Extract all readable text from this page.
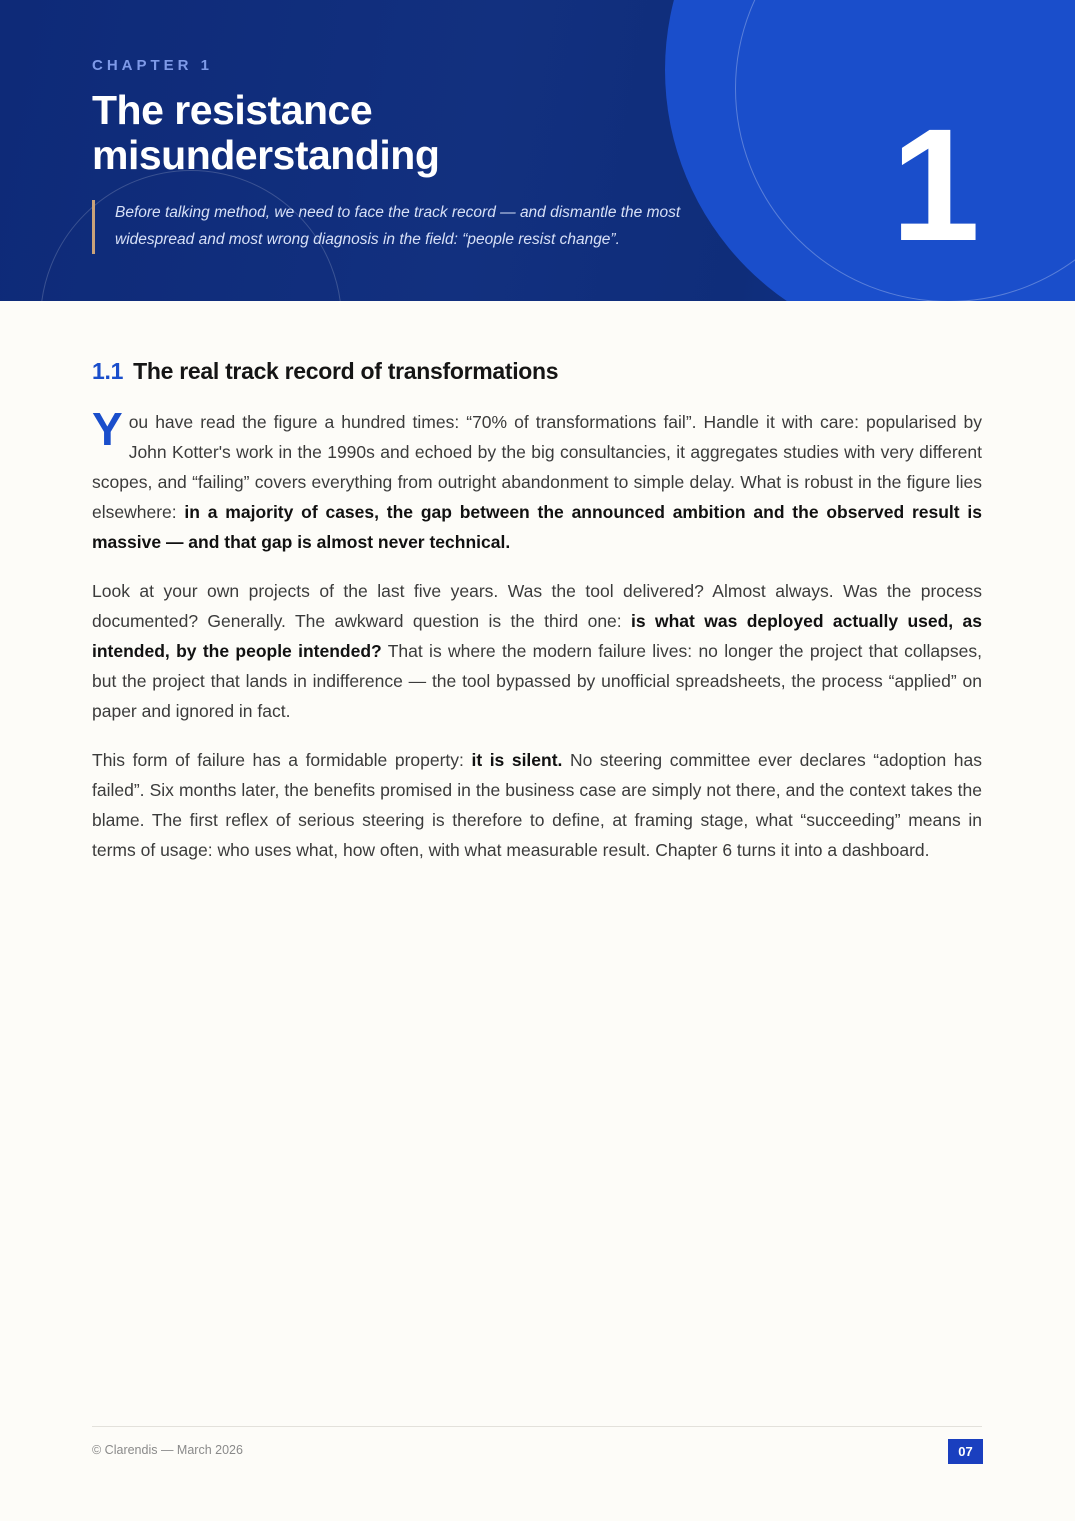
CHAPTER 1
The resistance misunderstanding
Before talking method, we need to face the track record — and dismantle the most widespread and most wrong diagnosis in the field: “people resist change”.	1
1.1 The real track record of transformations

You have read the figure a hundred times: “70% of transformations fail”. Handle it with care: popularised by John Kotter's work in the 1990s and echoed by the big consultancies, it aggregates studies with very different scopes, and “failing” covers everything from outright abandonment to simple delay. What is robust in the figure lies elsewhere: in a majority of cases, the gap between the announced ambition and the observed result is massive — and that gap is almost never technical.

Look at your own projects of the last five years. Was the tool delivered? Almost always. Was the process documented? Generally. The awkward question is the third one: is what was deployed actually used, as intended, by the people intended? That is where the modern failure lives: no longer the project that collapses, but the project that lands in indifference — the tool bypassed by unofficial spreadsheets, the process “applied” on paper and ignored in fact.

This form of failure has a formidable property: it is silent. No steering committee ever declares “adoption has failed”. Six months later, the benefits promised in the business case are simply not there, and the context takes the blame. The first reflex of serious steering is therefore to define, at framing stage, what “succeeding” means in terms of usage: who uses what, how often, with what measurable result. Chapter 6 turns it into a dashboard.

© Clarendis — March 2026	07
